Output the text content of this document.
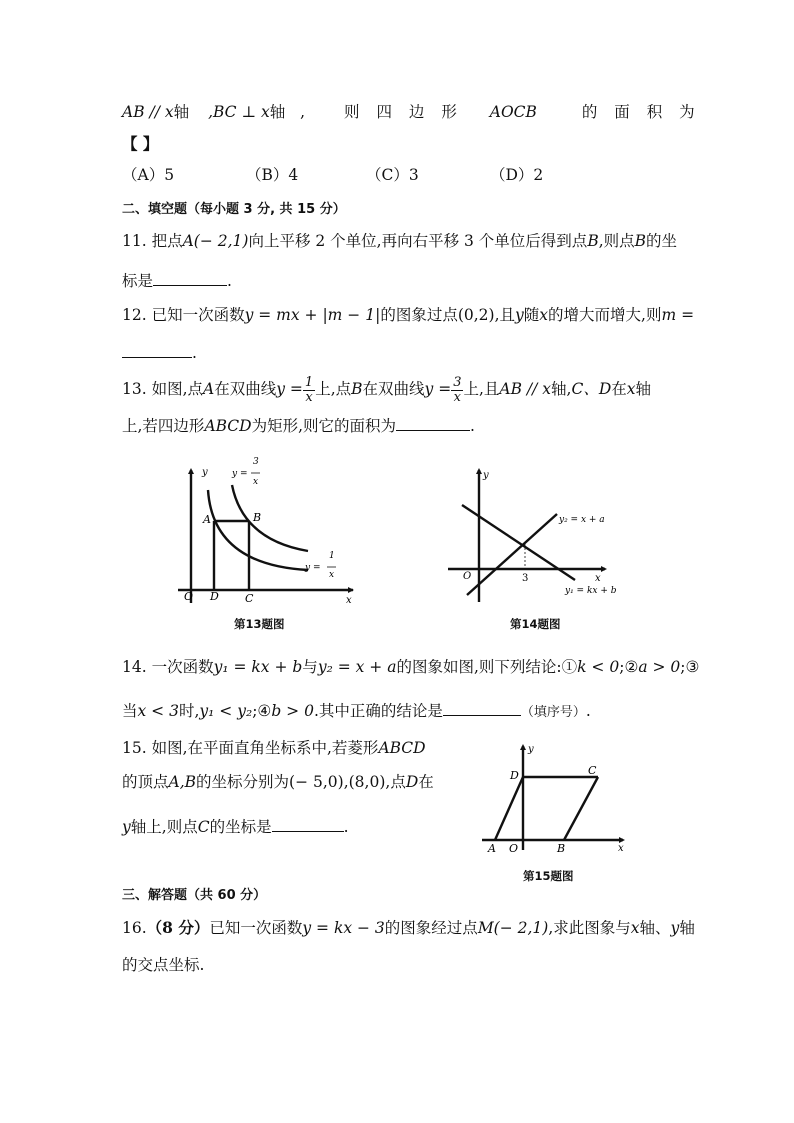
AB // x轴 ,BC ⊥ x轴 ,	则 四 边 形 AOCB	的 面 积 为
【 】
（A）5	（B）4	（C）3	（D）2
二、填空题（每小题 3 分, 共 15 分）
11. 把点A(− 2,1)向上平移 2 个单位,再向右平移 3 个单位后得到点B,则点B的坐
标是	.
12. 已知一次函数y = mx + |m − 1|的图象过点(0,2),且y随x的增大而增大,则m =
.
13. 如图,点A在双曲线$y = \frac{1}{x}$ 上,点B在双曲线$y = \frac{3}{x}$ 上,且AB // x轴,C、D在x轴
上,若四边形ABCD为矩形,则它的面积为	.
y
x
O D C
A	B
y =
3
x
y =
1
x
第13题图
y
x
O	3
y₂ = x + a
y₁ = kx + b
第14题图
14. 一次函数y₁ = kx + b与y₂ = x + a的图象如图,则下列结论:①k < 0;②a > 0;③
当x < 3时,y₁ < y₂;④b > 0.其中正确的结论是	（填序号）.
15. 如图,在平面直角坐标系中,若菱形ABCD
的顶点A,B的坐标分别为(− 5,0),(8,0),点D在
y轴上,则点C的坐标是	.
y
x
A O	B
C
D
第15题图
三、解答题（共 60 分）
16.（8 分）已知一次函数y = kx − 3的图象经过点M(− 2,1),求此图象与x轴、y轴
的交点坐标.
